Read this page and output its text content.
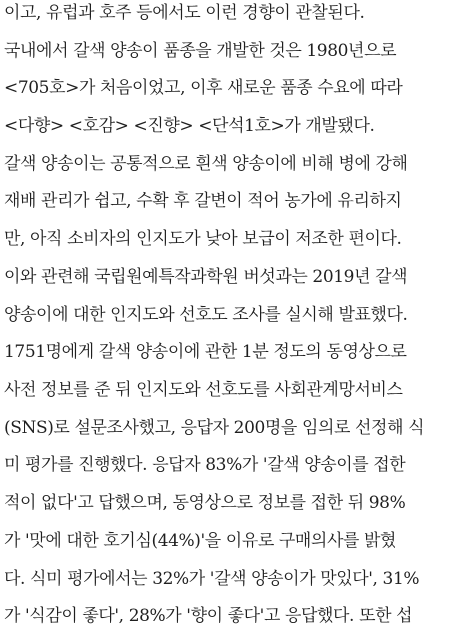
이고, 유럽과 호주 등에서도 이런 경향이 관찰된다.
국내에서 갈색 양송이 품종을 개발한 것은 1980년으로
<705호>가 처음이었고, 이후 새로운 품종 수요에 따라
<다향> <호감> <진향> <단석1호>가 개발됐다.
갈색 양송이는 공통적으로 흰색 양송이에 비해 병에 강해
재배 관리가 쉽고, 수확 후 갈변이 적어 농가에 유리하지
만, 아직 소비자의 인지도가 낮아 보급이 저조한 편이다.
이와 관련해 국립원예특작과학원 버섯과는 2019년 갈색
양송이에 대한 인지도와 선호도 조사를 실시해 발표했다.
1751명에게 갈색 양송이에 관한 1분 정도의 동영상으로
사전 정보를 준 뒤 인지도와 선호도를 사회관계망서비스
(SNS)로 설문조사했고, 응답자 200명을 임의로 선정해 식
미 평가를 진행했다. 응답자 83%가 '갈색 양송이를 접한
적이 없다'고 답했으며, 동영상으로 정보를 접한 뒤 98%
가 '맛에 대한 호기심(44%)'을 이유로 구매의사를 밝혔
다. 식미 평가에서는 32%가 '갈색 양송이가 맛있다', 31%
가 '식감이 좋다', 28%가 '향이 좋다'고 응답했다. 또한 섭
